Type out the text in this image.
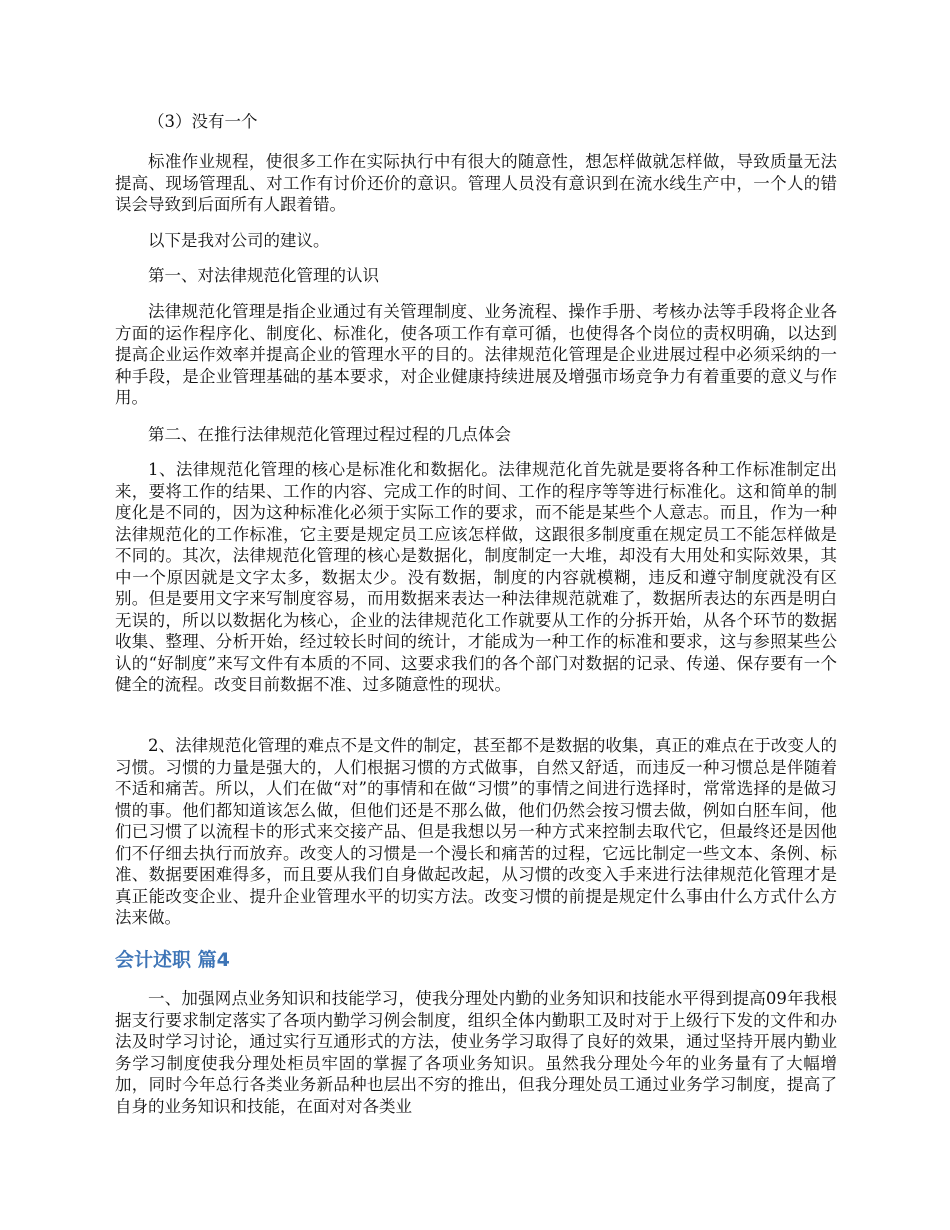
（3）没有一个

标准作业规程，使很多工作在实际执行中有很大的随意性，想怎样做就怎样做，导致质量无法提高、现场管理乱、对工作有讨价还价的意识。管理人员没有意识到在流水线生产中，一个人的错误会导致到后面所有人跟着错。

以下是我对公司的建议。

第一、对法律规范化管理的认识

法律规范化管理是指企业通过有关管理制度、业务流程、操作手册、考核办法等手段将企业各方面的运作程序化、制度化、标准化，使各项工作有章可循，也使得各个岗位的责权明确，以达到提高企业运作效率并提高企业的管理水平的目的。法律规范化管理是企业进展过程中必须采纳的一种手段，是企业管理基础的基本要求，对企业健康持续进展及增强市场竞争力有着重要的意义与作用。

第二、在推行法律规范化管理过程过程的几点体会

1、法律规范化管理的核心是标准化和数据化。法律规范化首先就是要将各种工作标准制定出来，要将工作的结果、工作的内容、完成工作的时间、工作的程序等等进行标准化。这和简单的制度化是不同的，因为这种标准化必须于实际工作的要求，而不能是某些个人意志。而且，作为一种法律规范化的工作标准，它主要是规定员工应该怎样做，这跟很多制度重在规定员工不能怎样做是不同的。其次，法律规范化管理的核心是数据化，制度制定一大堆，却没有大用处和实际效果，其中一个原因就是文字太多，数据太少。没有数据，制度的内容就模糊，违反和遵守制度就没有区别。但是要用文字来写制度容易，而用数据来表达一种法律规范就难了，数据所表达的东西是明白无误的，所以以数据化为核心，企业的法律规范化工作就要从工作的分拆开始，从各个环节的数据收集、整理、分析开始，经过较长时间的统计，才能成为一种工作的标准和要求，这与参照某些公认的“好制度”来写文件有本质的不同、这要求我们的各个部门对数据的记录、传递、保存要有一个健全的流程。改变目前数据不准、过多随意性的现状。

2、法律规范化管理的难点不是文件的制定，甚至都不是数据的收集，真正的难点在于改变人的习惯。习惯的力量是强大的，人们根据习惯的方式做事，自然又舒适，而违反一种习惯总是伴随着不适和痛苦。所以，人们在做“对”的事情和在做“习惯”的事情之间进行选择时，常常选择的是做习惯的事。他们都知道该怎么做，但他们还是不那么做，他们仍然会按习惯去做，例如白胚车间，他们已习惯了以流程卡的形式来交接产品、但是我想以另一种方式来控制去取代它，但最终还是因他们不仔细去执行而放弃。改变人的习惯是一个漫长和痛苦的过程，它远比制定一些文本、条例、标准、数据要困难得多，而且要从我们自身做起改起，从习惯的改变入手来进行法律规范化管理才是真正能改变企业、提升企业管理水平的切实方法。改变习惯的前提是规定什么事由什么方式什么方法来做。

会计述职 篇4

一、加强网点业务知识和技能学习，使我分理处内勤的业务知识和技能水平得到提高09年我根据支行要求制定落实了各项内勤学习例会制度，组织全体内勤职工及时对于上级行下发的文件和办法及时学习讨论，通过实行互通形式的方法，使业务学习取得了良好的效果，通过坚持开展内勤业务学习制度使我分理处柜员牢固的掌握了各项业务知识。虽然我分理处今年的业务量有了大幅增加，同时今年总行各类业务新品种也层出不穷的推出，但我分理处员工通过业务学习制度，提高了自身的业务知识和技能，在面对对各类业
